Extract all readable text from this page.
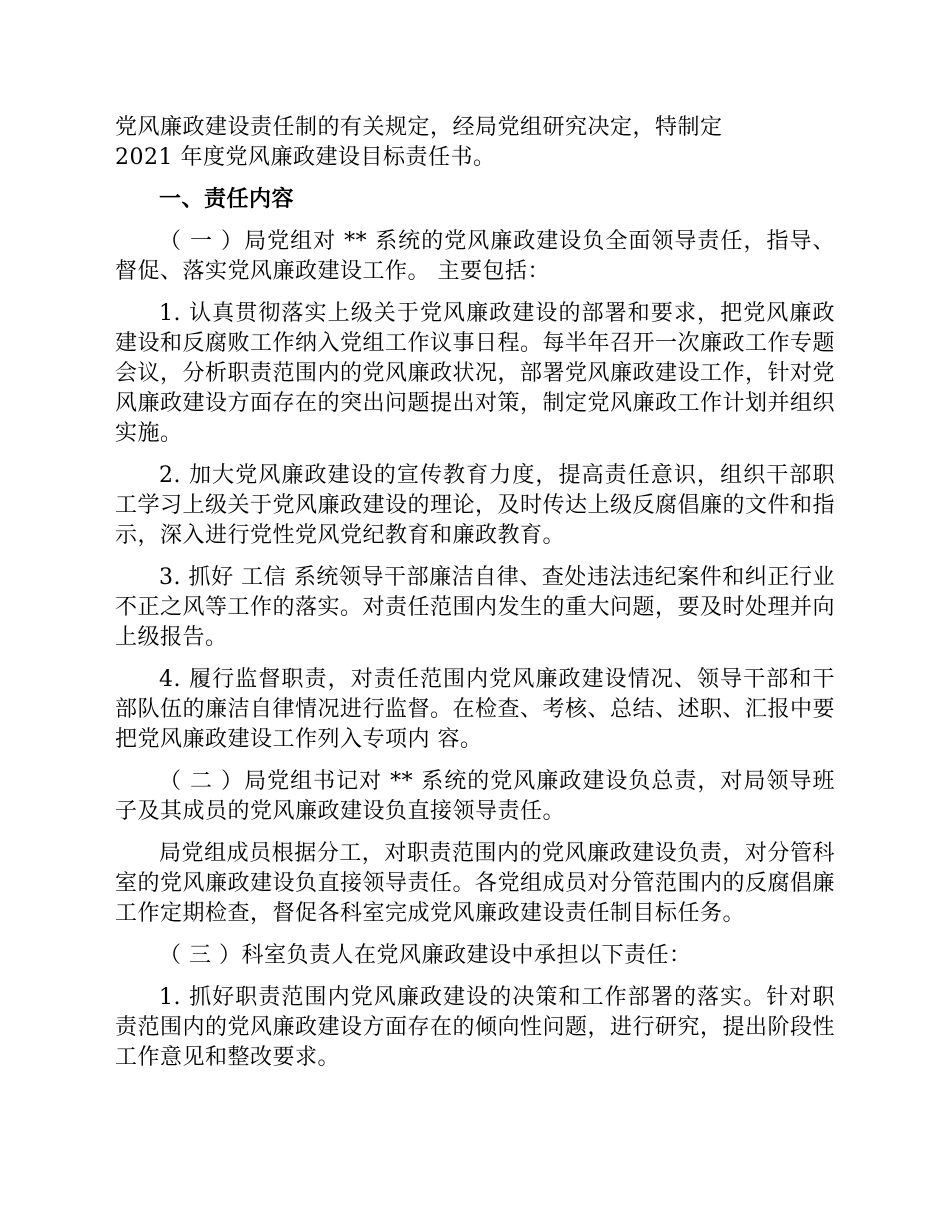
党风廉政建设责任制的有关规定，经局党组研究决定，特制定
2021 年度党风廉政建设目标责任书。
一、责任内容

（ 一 ）局党组对 ** 系统的党风廉政建设负全面领导责任，指导、督促、落实党风廉政建设工作。 主要包括：

1. 认真贯彻落实上级关于党风廉政建设的部署和要求，把党风廉政建设和反腐败工作纳入党组工作议事日程。每半年召开一次廉政工作专题会议，分析职责范围内的党风廉政状况，部署党风廉政建设工作，针对党风廉政建设方面存在的突出问题提出对策，制定党风廉政工作计划并组织实施。

2. 加大党风廉政建设的宣传教育力度，提高责任意识，组织干部职工学习上级关于党风廉政建设的理论，及时传达上级反腐倡廉的文件和指示，深入进行党性党风党纪教育和廉政教育。

3. 抓好 工信 系统领导干部廉洁自律、查处违法违纪案件和纠正行业不正之风等工作的落实。对责任范围内发生的重大问题，要及时处理并向上级报告。

4. 履行监督职责，对责任范围内党风廉政建设情况、领导干部和干部队伍的廉洁自律情况进行监督。在检查、考核、总结、述职、汇报中要把党风廉政建设工作列入专项内 容。

（ 二 ）局党组书记对 ** 系统的党风廉政建设负总责，对局领导班子及其成员的党风廉政建设负直接领导责任。

局党组成员根据分工，对职责范围内的党风廉政建设负责，对分管科室的党风廉政建设负直接领导责任。各党组成员对分管范围内的反腐倡廉工作定期检查，督促各科室完成党风廉政建设责任制目标任务。

（ 三 ）科室负责人在党风廉政建设中承担以下责任：

1. 抓好职责范围内党风廉政建设的决策和工作部署的落实。针对职责范围内的党风廉政建设方面存在的倾向性问题，进行研究，提出阶段性工作意见和整改要求。
